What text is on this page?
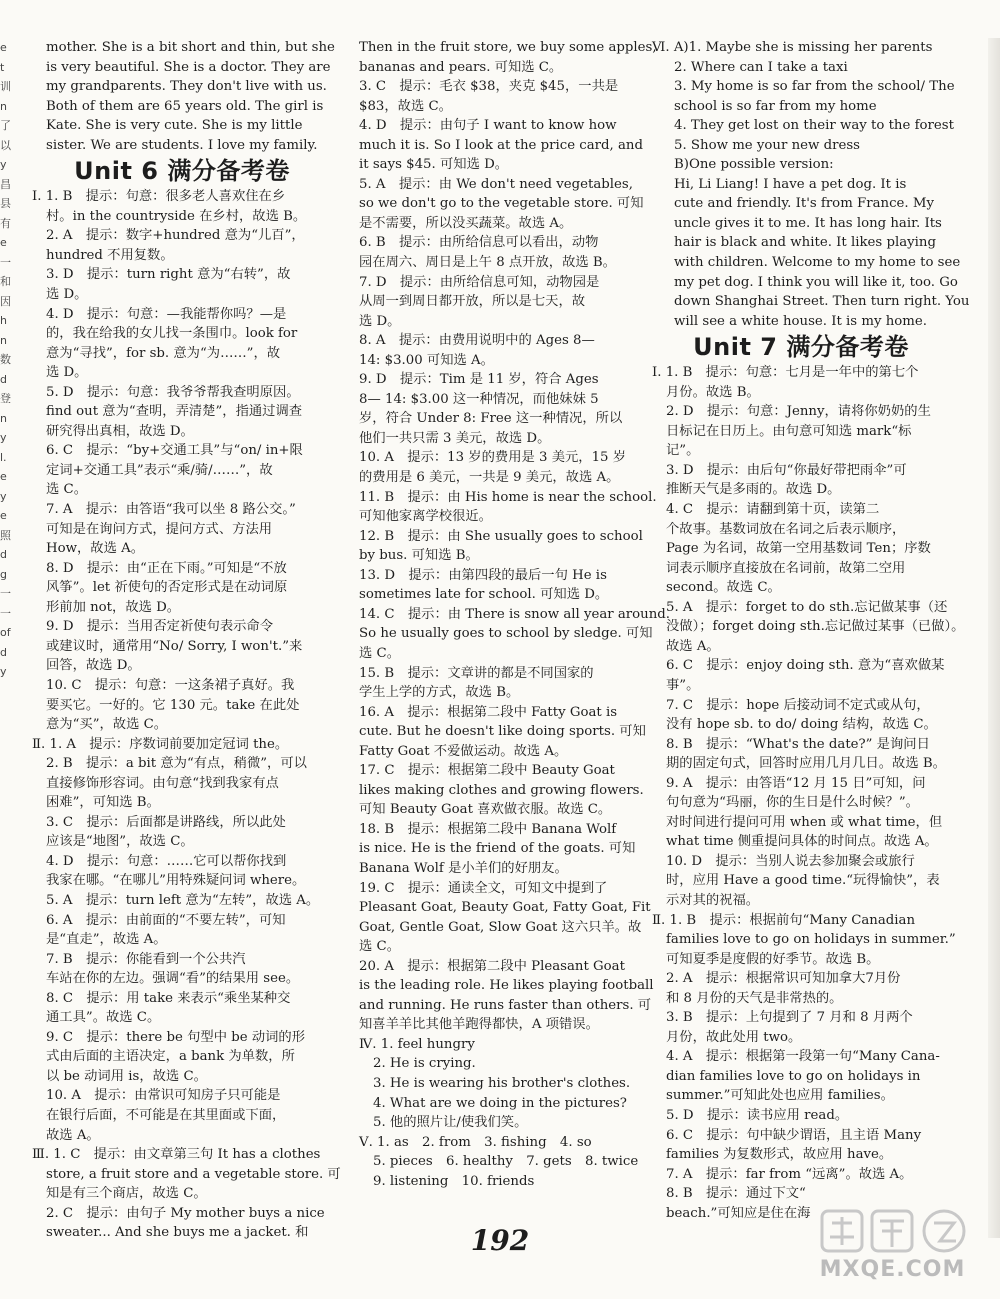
e
t
训
n
了
以
y
昌
县
有
e
一
和
因
h
n
数
d
登
n
y
l.
e
y
e
照
d
g
一
一
of
d
y
mother. She is a bit short and thin, but she
is very beautiful. She is a doctor. They are
my grandparents. They don't live with us.
Both of them are 65 years old. The girl is
Kate. She is very cute. She is my little
sister. We are students. I love my family.
Unit 6 满分备考卷
Ⅰ. 1. B　提示：句意：很多老人喜欢住在乡
村。in the countryside 在乡村，故选 B。
2. A　提示：数字+hundred 意为“儿百”，
hundred 不用复数。
3. D　提示：turn right 意为“右转”，故
选 D。
4. D　提示：句意：—我能帮你吗？—是
的，我在给我的女儿找一条围巾。look for
意为“寻找”，for sb. 意为“为……”，故
选 D。
5. D　提示：句意：我爷爷帮我查明原因。
find out 意为“查明，弄清楚”，指通过调查
研究得出真相，故选 D。
6. C　提示：“by+交通工具”与“on/ in+限
定词+交通工具”表示“乘/骑/……”，故
选 C。
7. A　提示：由答语“我可以坐 8 路公交。”
可知是在询问方式，提问方式、方法用
How，故选 A。
8. D　提示：由“正在下雨。”可知是“不放
风筝”。let 祈使句的否定形式是在动词原
形前加 not，故选 D。
9. D　提示：当用否定祈使句表示命令
或建议时，通常用“No/ Sorry, I won't.”来
回答，故选 D。
10. C　提示：句意：一这条裙子真好。我
要买它。一好的。它 130 元。take 在此处
意为“买”，故选 C。
Ⅱ. 1. A　提示：序数词前要加定冠词 the。
2. B　提示：a bit 意为“有点，稍微”，可以
直接修饰形容词。由句意“找到我家有点
困难”，可知选 B。
3. C　提示：后面都是讲路线，所以此处
应该是“地图”，故选 C。
4. D　提示：句意：……它可以帮你找到
我家在哪。“在哪儿”用特殊疑问词 where。
5. A　提示：turn left 意为“左转”，故选 A。
6. A　提示：由前面的“不要左转”，可知
是“直走”，故选 A。
7. B　提示：你能看到一个公共汽
车站在你的左边。强调“看”的结果用 see。
8. C　提示：用 take 来表示“乘坐某种交
通工具”。故选 C。
9. C　提示：there be 句型中 be 动词的形
式由后面的主语决定，a bank 为单数，所
以 be 动词用 is，故选 C。
10. A　提示：由常识可知房子只可能是
在银行后面，不可能是在其里面或下面，
故选 A。
Ⅲ. 1. C　提示：由文章第三句 It has a clothes
store, a fruit store and a vegetable store. 可
知是有三个商店，故选 C。
2. C　提示：由句子 My mother buys a nice
sweater... And she buys me a jacket. 和
Then in the fruit store, we buy some apples,
bananas and pears. 可知选 C。
3. C　提示：毛衣 $38，夹克 $45，一共是
$83，故选 C。
4. D　提示：由句子 I want to know how
much it is. So I look at the price card, and
it says $45. 可知选 D。
5. A　提示：由 We don't need vegetables,
so we don't go to the vegetable store. 可知
是不需要，所以没买蔬菜。故选 A。
6. B　提示：由所给信息可以看出，动物
园在周六、周日是上午 8 点开放，故选 B。
7. D　提示：由所给信息可知，动物园是
从周一到周日都开放，所以是七天，故
选 D。
8. A　提示：由费用说明中的 Ages 8—
14: $3.00 可知选 A。
9. D　提示：Tim 是 11 岁，符合 Ages
8— 14: $3.00 这一种情况，而他妹妹 5
岁，符合 Under 8: Free 这一种情况，所以
他们一共只需 3 美元，故选 D。
10. A　提示：13 岁的费用是 3 美元，15 岁
的费用是 6 美元，一共是 9 美元，故选 A。
11. B　提示：由 His home is near the school.
可知他家离学校很近。
12. B　提示：由 She usually goes to school
by bus. 可知选 B。
13. D　提示：由第四段的最后一句 He is
sometimes late for school. 可知选 D。
14. C　提示：由 There is snow all year around.
So he usually goes to school by sledge. 可知
选 C。
15. B　提示：文章讲的都是不同国家的
学生上学的方式，故选 B。
16. A　提示：根据第二段中 Fatty Goat is
cute. But he doesn't like doing sports. 可知
Fatty Goat 不爱做运动。故选 A。
17. C　提示：根据第二段中 Beauty Goat
likes making clothes and growing flowers.
可知 Beauty Goat 喜欢做衣服。故选 C。
18. B　提示：根据第二段中 Banana Wolf
is nice. He is the friend of the goats. 可知
Banana Wolf 是小羊们的好朋友。
19. C　提示：通读全文，可知文中提到了
Pleasant Goat, Beauty Goat, Fatty Goat, Fit
Goat, Gentle Goat, Slow Goat 这六只羊。故
选 C。
20. A　提示：根据第二段中 Pleasant Goat
is the leading role. He likes playing football
and running. He runs faster than others. 可
知喜羊羊比其他羊跑得都快，A 项错误。
Ⅳ. 1. feel hungry
2. He is crying.
3. He is wearing his brother's clothes.
4. What are we doing in the pictures?
5. 他的照片让/使我们笑。
Ⅴ. 1. as　2. from　3. fishing　4. so
5. pieces　6. healthy　7. gets　8. twice
9. listening　10. friends
Ⅵ. A)1. Maybe she is missing her parents
2. Where can I take a taxi
3. My home is so far from the school/ The
school is so far from my home
4. They get lost on their way to the forest
5. Show me your new dress
B)One possible version:
Hi, Li Liang! I have a pet dog. It is
cute and friendly. It's from France. My
uncle gives it to me. It has long hair. Its
hair is black and white. It likes playing
with children. Welcome to my home to see
my pet dog. I think you will like it, too. Go
down Shanghai Street. Then turn right. You
will see a white house. It is my home.
Unit 7 满分备考卷
Ⅰ. 1. B　提示：句意：七月是一年中的第七个
月份。故选 B。
2. D　提示：句意：Jenny，请将你奶奶的生
日标记在日历上。由句意可知选 mark“标
记”。
3. D　提示：由后句“你最好带把雨伞”可
推断天气是多雨的。故选 D。
4. C　提示：请翻到第十页，读第二
个故事。基数词放在名词之后表示顺序，
Page 为名词，故第一空用基数词 Ten；序数
词表示顺序直接放在名词前，故第二空用
second。故选 C。
5. A　提示：forget to do sth.忘记做某事（还
没做）；forget doing sth.忘记做过某事（已做）。
故选 A。
6. C　提示：enjoy doing sth. 意为“喜欢做某
事”。
7. C　提示：hope 后接动词不定式或从句，
没有 hope sb. to do/ doing 结构，故选 C。
8. B　提示：“What's the date?” 是询问日
期的固定句式，回答时应用几月几日。故选 B。
9. A　提示：由答语“12 月 15 日”可知，问
句句意为“玛丽，你的生日是什么时候？”。
对时间进行提问可用 when 或 what time，但
what time 侧重提问具体的时间点。故选 A。
10. D　提示：当别人说去参加聚会或旅行
时，应用 Have a good time.“玩得愉快”，表
示对其的祝福。
Ⅱ. 1. B　提示：根据前句“Many Canadian
families love to go on holidays in summer.”
可知夏季是度假的好季节。故选 B。
2. A　提示：根据常识可知加拿大7月份
和 8 月份的天气是非常热的。
3. B　提示：上句提到了 7 月和 8 月两个
月份，故此处用 two。
4. A　提示：根据第一段第一句“Many Cana-
dian families love to go on holidays in
summer.”可知此处也应用 families。
5. D　提示：读书应用 read。
6. C　提示：句中缺少谓语，且主语 Many
families 为复数形式，故应用 have。
7. A　提示：far from “远离”。故选 A。
8. B　提示：通过下文“
beach.”可知应是住在海
192
MXQE.COM
